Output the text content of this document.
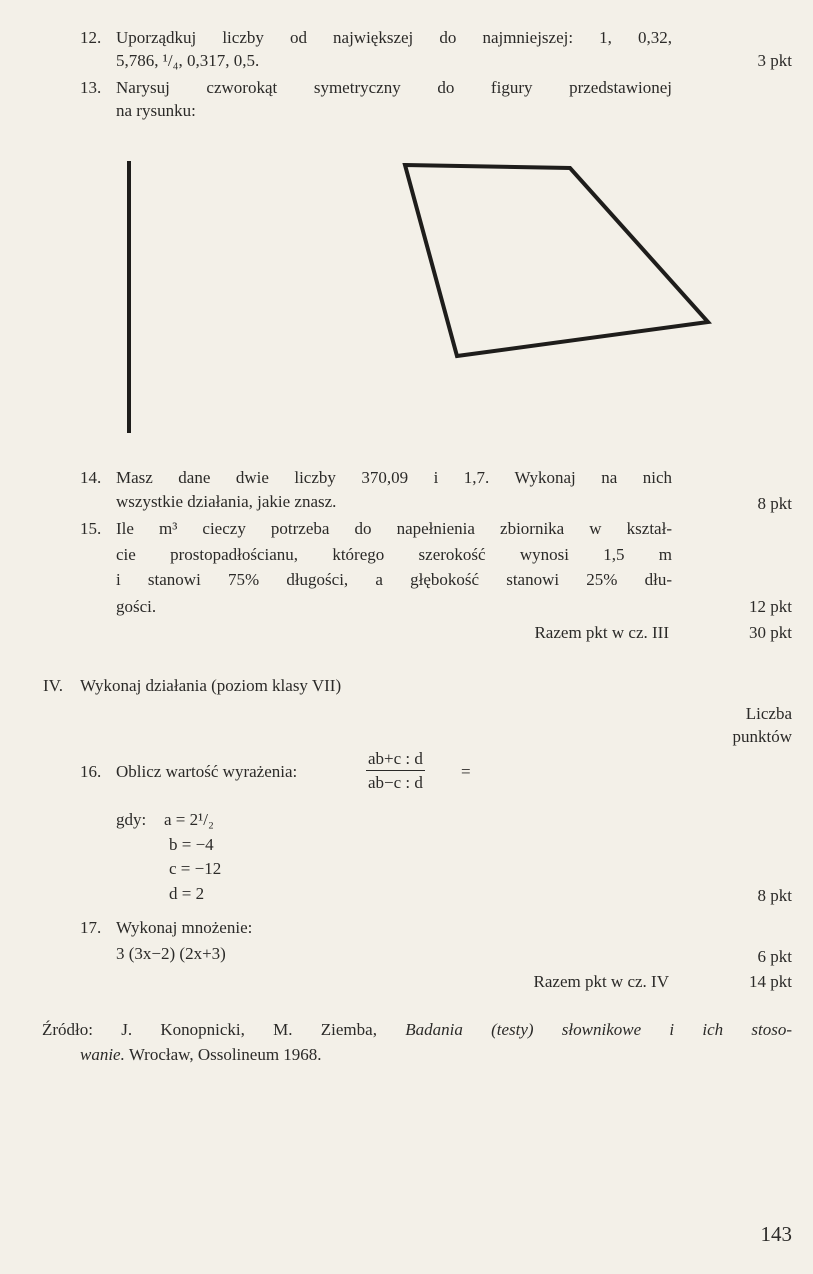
12. Uporządkuj liczby od największej do najmniejszej: 1, 0,32,
5,786, ¹/₄, 0,317, 0,5.	3 pkt
13. Narysuj czworokąt symetryczny do figury przedstawionej
na rysunku:
14. Masz dane dwie liczby 370,09 i 1,7. Wykonaj na nich
wszystkie działania, jakie znasz.	8 pkt
15. Ile m³ cieczy potrzeba do napełnienia zbiornika w kształ-
cie prostopadłościanu, którego szerokość wynosi 1,5 m
i stanowi 75% długości, a głębokość stanowi 25% dłu-
gości.	12 pkt
Razem pkt w cz. III	30 pkt
IV. Wykonaj działania (poziom klasy VII)
Liczba
punktów
16. Oblicz wartość wyrażenia:	$\frac{ab+c : d}{ab-c : d}$ =
gdy: a = 2¹/₂
b = −4
c = −12
d = 2	8 pkt
17. Wykonaj mnożenie:
3 (3x−2) (2x+3)	6 pkt
Razem pkt w cz. IV	14 pkt
Źródło: J. Konopnicki, M. Ziemba, Badania (testy) słownikowe i ich stoso-
wanie. Wrocław, Ossolineum 1968.
143
